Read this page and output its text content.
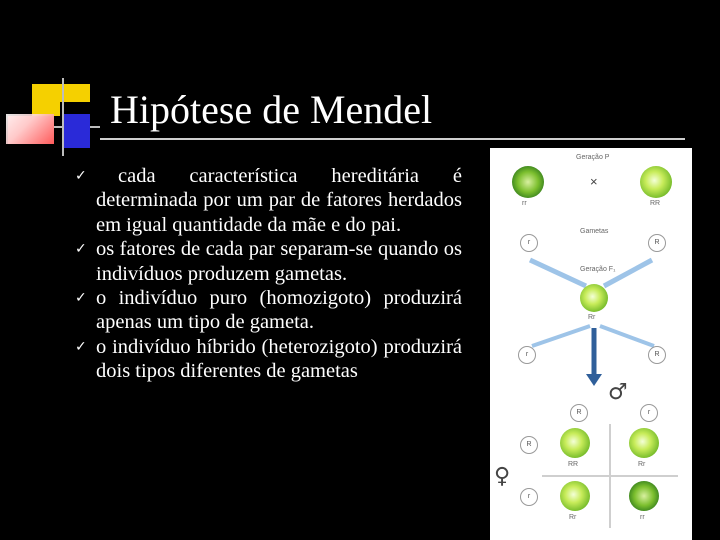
Hipótese de Mendel
✓ cada característica hereditária é determinada por um par de fatores herdados em igual quantidade da mãe e do pai.
✓ os fatores de cada par separam-se quando os indivíduos produzem gametas.
✓ o indivíduo puro (homozigoto) produzirá apenas um tipo de gameta.
✓ o indivíduo híbrido (heterozigoto) produzirá dois tipos diferentes de gametas
Geração P
×
rr	RR
r
Gametas
R
Geração F₁
Rr
r	R
♂
R	r
♀
R
r
RR	Rr
Rr	rr
